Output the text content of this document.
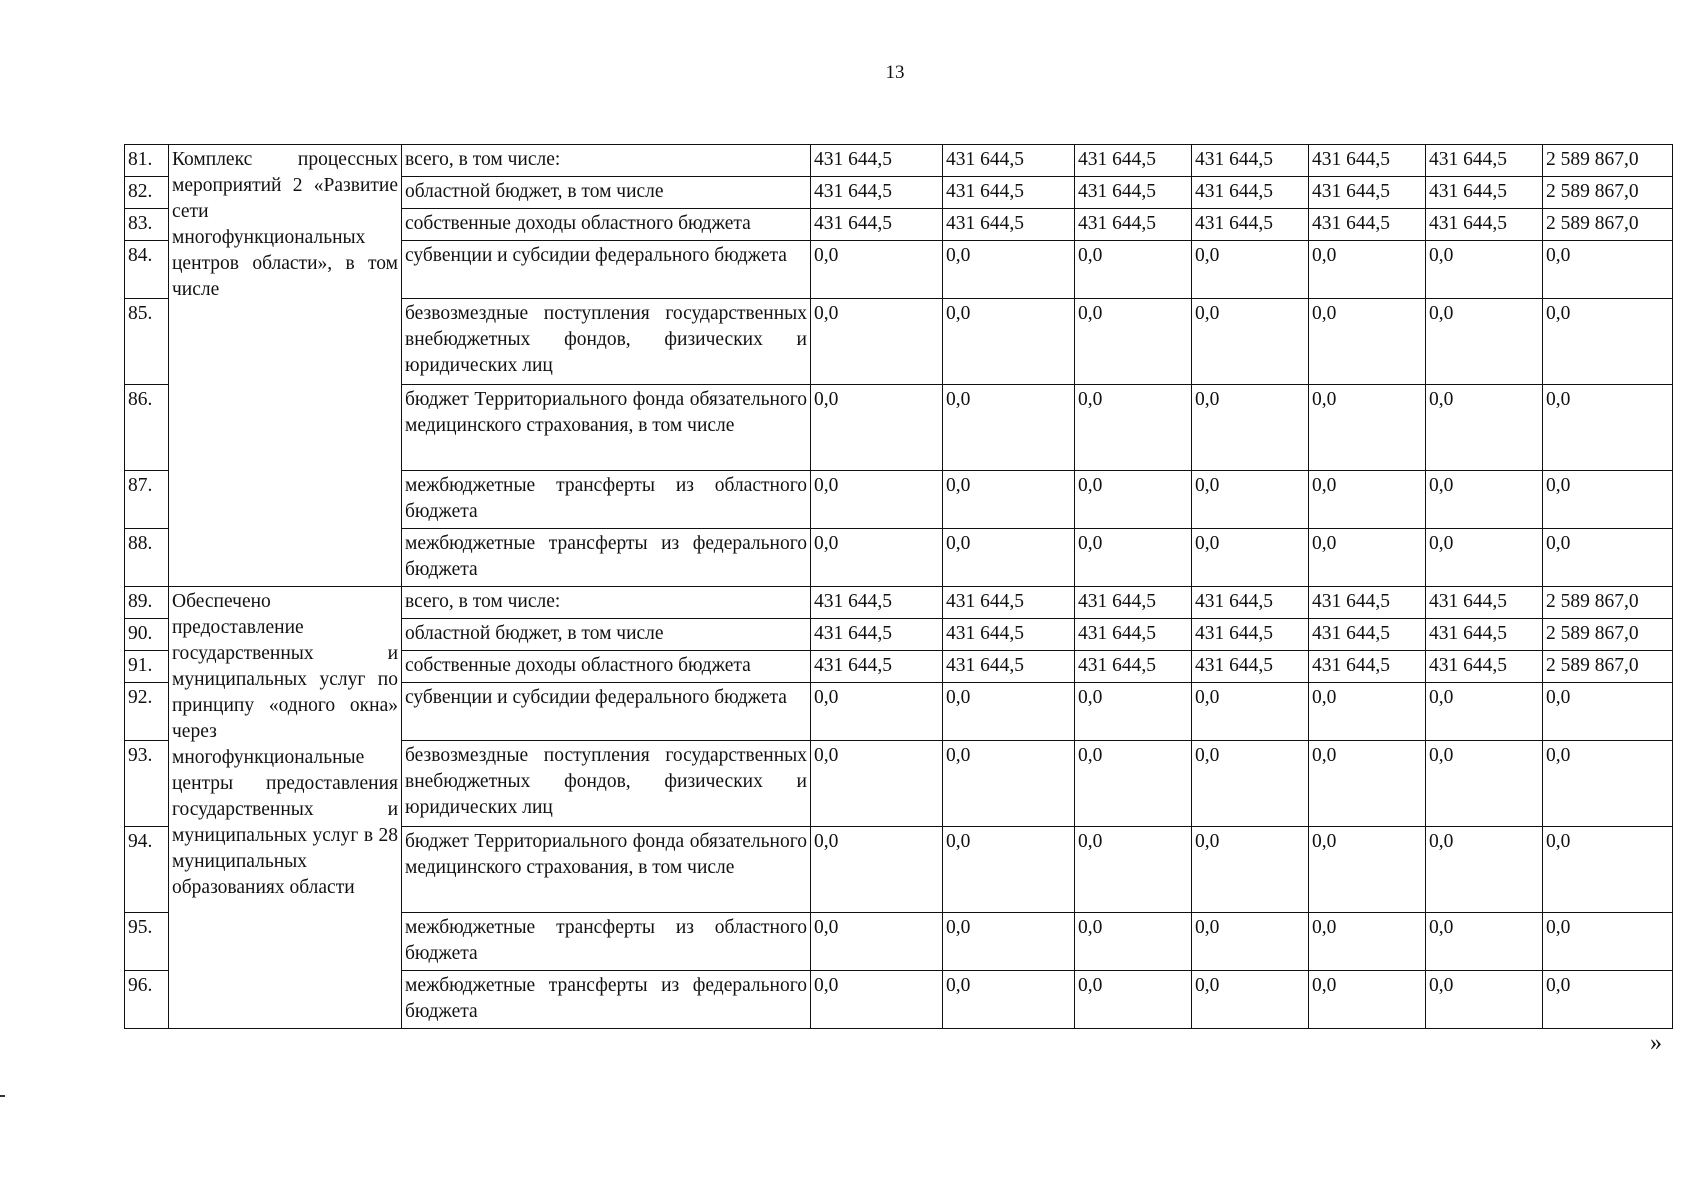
13
81.	Комплекс процессных мероприятий 2 «Развитие сети многофункциональных центров области», в том числе	всего, в том числе:	431 644,5	431 644,5	431 644,5	431 644,5	431 644,5	431 644,5	2 589 867,0
82.		областной бюджет, в том числе	431 644,5	431 644,5	431 644,5	431 644,5	431 644,5	431 644,5	2 589 867,0
83.		собственные доходы областного бюджета	431 644,5	431 644,5	431 644,5	431 644,5	431 644,5	431 644,5	2 589 867,0
84.		субвенции и субсидии федерального бюджета	0,0	0,0	0,0	0,0	0,0	0,0	0,0
85.		безвозмездные поступления государственных внебюджетных фондов, физических и юридических лиц	0,0	0,0	0,0	0,0	0,0	0,0	0,0
86.		бюджет Территориального фонда обязательного медицинского страхования, в том числе	0,0	0,0	0,0	0,0	0,0	0,0	0,0
87.		межбюджетные трансферты из областного бюджета	0,0	0,0	0,0	0,0	0,0	0,0	0,0
88.		межбюджетные трансферты из федерального бюджета	0,0	0,0	0,0	0,0	0,0	0,0	0,0
89.	Обеспечено предоставление государственных и муниципальных услуг по принципу «одного окна» через многофункциональные центры предоставления государственных и муниципальных услуг в 28 муниципальных образованиях области	всего, в том числе:	431 644,5	431 644,5	431 644,5	431 644,5	431 644,5	431 644,5	2 589 867,0
90.		областной бюджет, в том числе	431 644,5	431 644,5	431 644,5	431 644,5	431 644,5	431 644,5	2 589 867,0
91.		собственные доходы областного бюджета	431 644,5	431 644,5	431 644,5	431 644,5	431 644,5	431 644,5	2 589 867,0
92.		субвенции и субсидии федерального бюджета	0,0	0,0	0,0	0,0	0,0	0,0	0,0
93.		безвозмездные поступления государственных внебюджетных фондов, физических и юридических лиц	0,0	0,0	0,0	0,0	0,0	0,0	0,0
94.		бюджет Территориального фонда обязательного медицинского страхования, в том числе	0,0	0,0	0,0	0,0	0,0	0,0	0,0
95.		межбюджетные трансферты из областного бюджета	0,0	0,0	0,0	0,0	0,0	0,0	0,0
96.		межбюджетные трансферты из федерального бюджета	0,0	0,0	0,0	0,0	0,0	0,0	0,0
»
